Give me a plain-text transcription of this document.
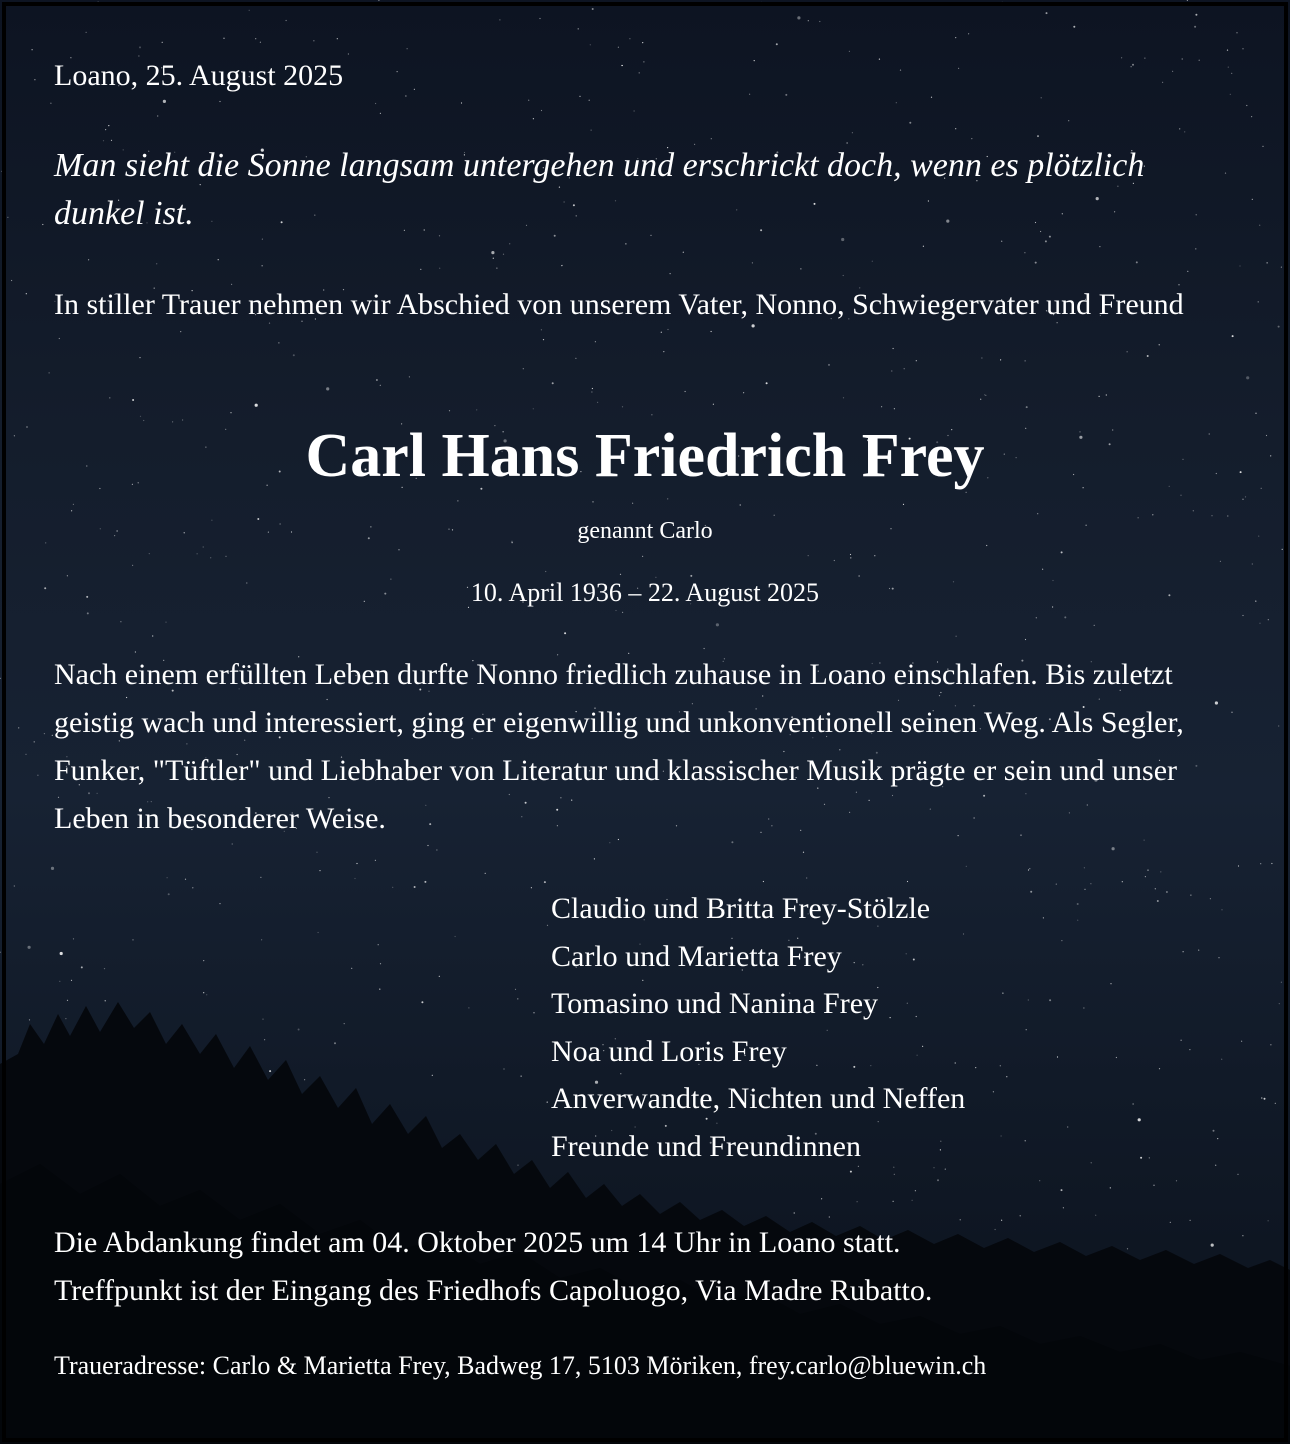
Loano, 25. August 2025

Man sieht die Sonne langsam untergehen und erschrickt doch, wenn es plötzlich dunkel ist.

In stiller Trauer nehmen wir Abschied von unserem Vater, Nonno, Schwiegervater und Freund

Carl Hans Friedrich Frey

genannt Carlo

10. April 1936 – 22. August 2025

Nach einem erfüllten Leben durfte Nonno friedlich zuhause in Loano einschlafen. Bis zuletzt geistig wach und interessiert, ging er eigenwillig und unkonventionell seinen Weg. Als Segler, Funker, "Tüftler" und Liebhaber von Literatur und klassischer Musik prägte er sein und unser Leben in besonderer Weise.

Claudio und Britta Frey-Stölzle
Carlo und Marietta Frey
Tomasino und Nanina Frey
Noa und Loris Frey
Anverwandte, Nichten und Neffen
Freunde und Freundinnen
Die Abdankung findet am 04. Oktober 2025 um 14 Uhr in Loano statt.
Treffpunkt ist der Eingang des Friedhofs Capoluogo, Via Madre Rubatto.

Traueradresse: Carlo & Marietta Frey, Badweg 17, 5103 Möriken, frey.carlo@bluewin.ch
